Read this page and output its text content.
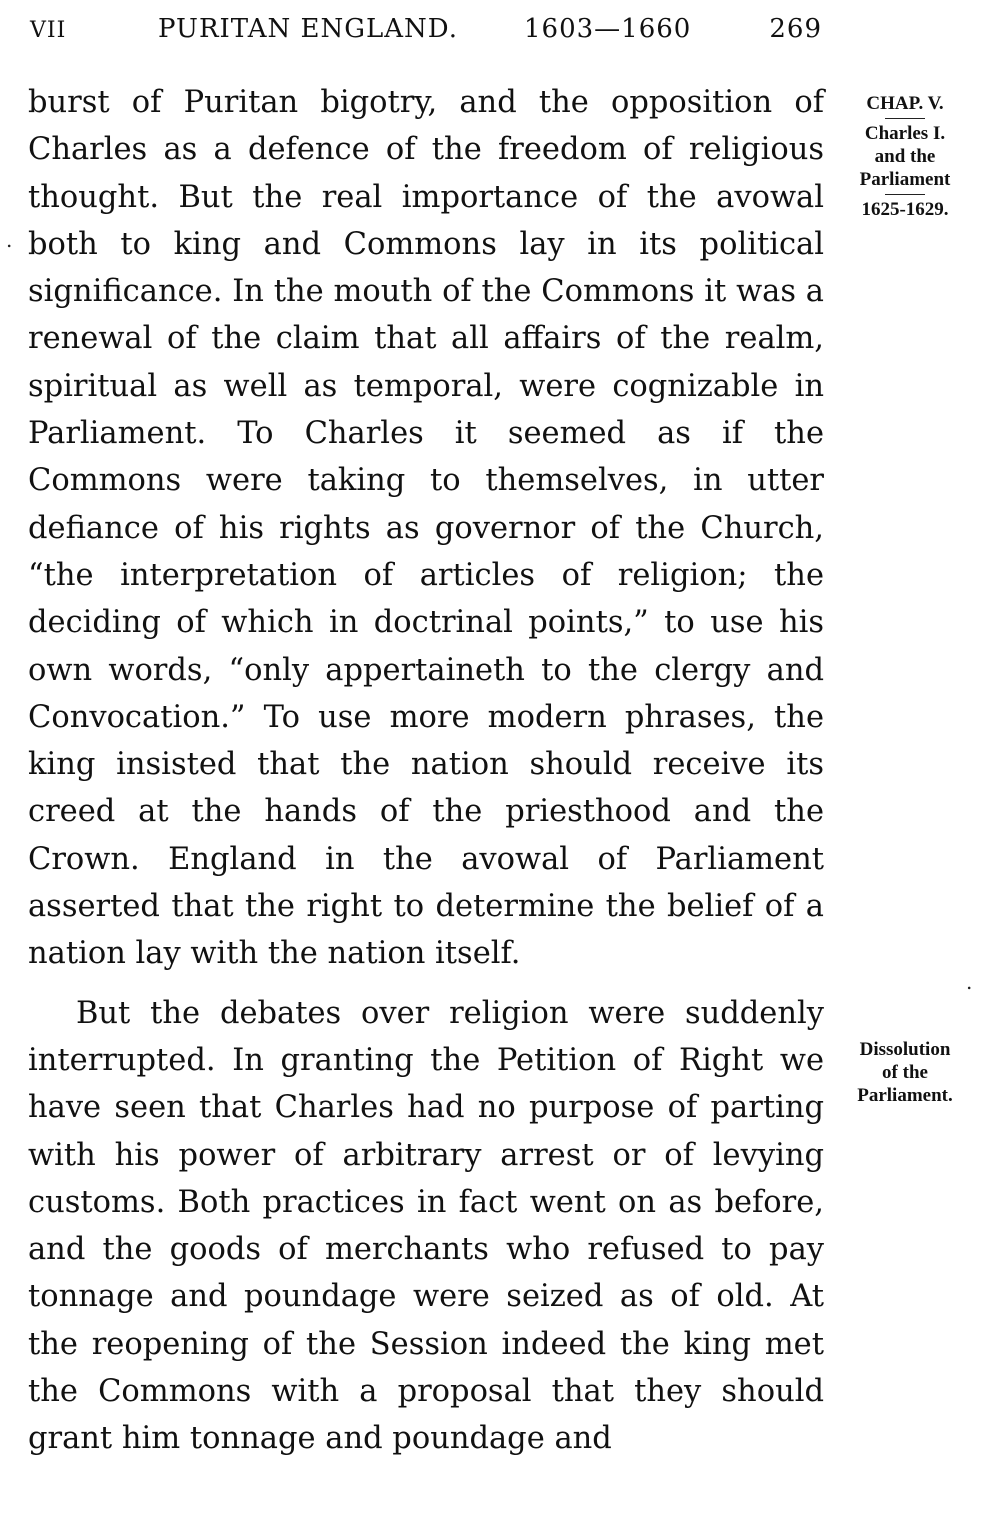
VII	PURITAN ENGLAND.	1603—1660	269

burst of Puritan bigotry, and the opposition of Charles as a defence of the freedom of religious thought. But the real importance of the avowal both to king and Commons lay in its political significance. In the mouth of the Commons it was a renewal of the claim that all affairs of the realm, spiritual as well as temporal, were cognizable in Parliament. To Charles it seemed as if the Commons were taking to themselves, in utter defiance of his rights as governor of the Church, “the interpretation of articles of religion; the deciding of which in doctrinal points,” to use his own words, “only appertaineth to the clergy and Convocation.” To use more modern phrases, the king insisted that the nation should receive its creed at the hands of the priesthood and the Crown. England in the avowal of Parliament asserted that the right to determine the belief of a nation lay with the nation itself.

But the debates over religion were suddenly interrupted. In granting the Petition of Right we have seen that Charles had no purpose of parting with his power of arbitrary arrest or of levying customs. Both practices in fact went on as before, and the goods of merchants who refused to pay tonnage and poundage were seized as of old. At the reopening of the Session indeed the king met the Commons with a proposal that they should grant him tonnage and poundage and

CHAP. V.
Charles I.
and the
Parliament
1625-1629.
Dissolution
of the
Parliament.
.
.
